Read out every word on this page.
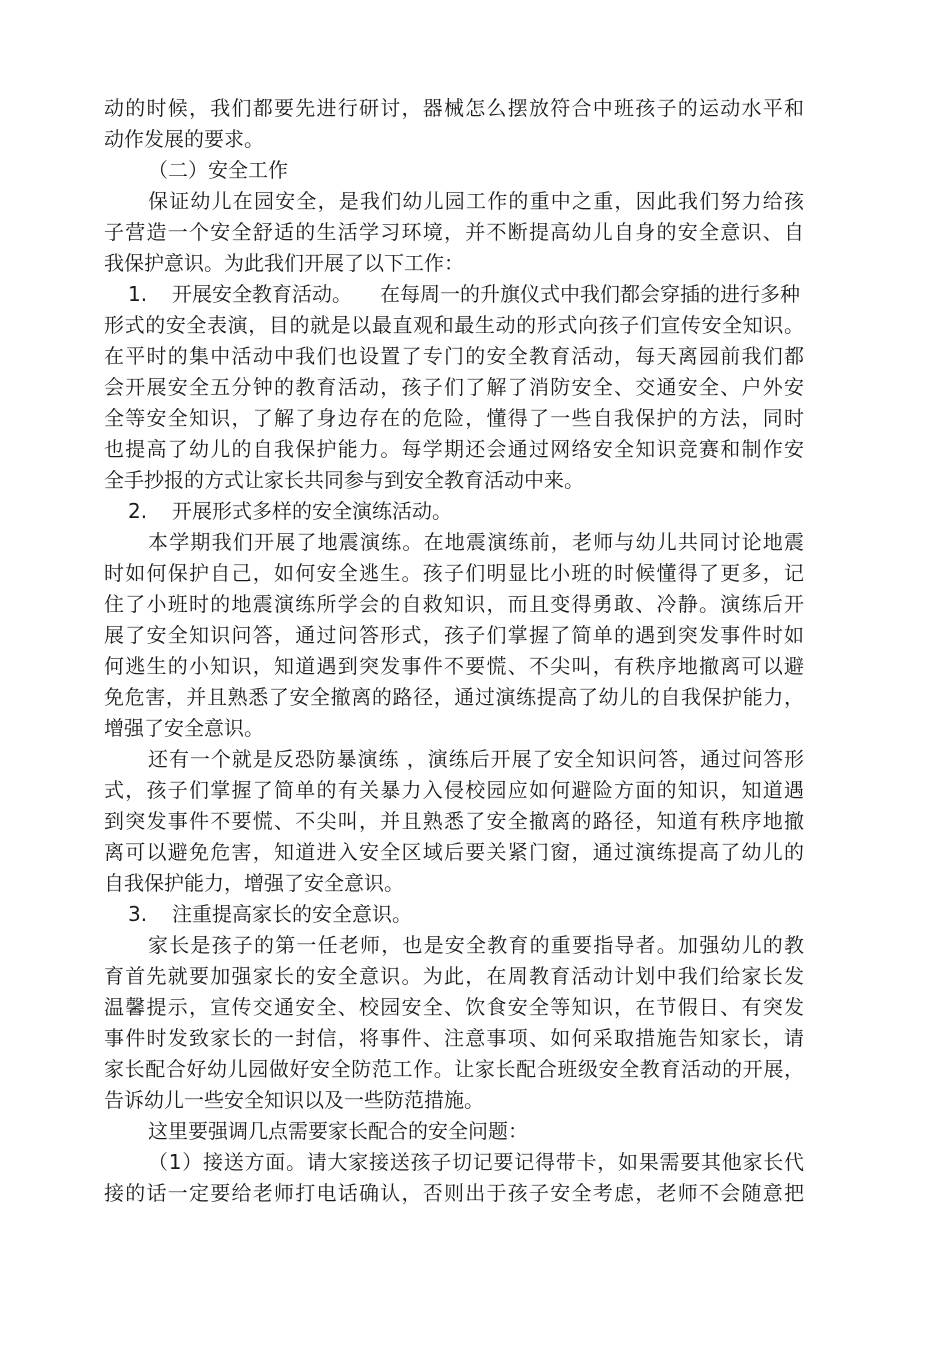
动的时候，我们都要先进行研讨，器械怎么摆放符合中班孩子的运动水平和
动作发展的要求。
（二）安全工作
保证幼儿在园安全，是我们幼儿园工作的重中之重，因此我们努力给孩
子营造一个安全舒适的生活学习环境，并不断提高幼儿自身的安全意识、自
我保护意识。为此我们开展了以下工作：
1. 开展安全教育活动。 在每周一的升旗仪式中我们都会穿插的进行多种
形式的安全表演，目的就是以最直观和最生动的形式向孩子们宣传安全知识。
在平时的集中活动中我们也设置了专门的安全教育活动，每天离园前我们都
会开展安全五分钟的教育活动，孩子们了解了消防安全、交通安全、户外安
全等安全知识，了解了身边存在的危险，懂得了一些自我保护的方法，同时
也提高了幼儿的自我保护能力。每学期还会通过网络安全知识竞赛和制作安
全手抄报的方式让家长共同参与到安全教育活动中来。
2. 开展形式多样的安全演练活动。
本学期我们开展了地震演练。在地震演练前，老师与幼儿共同讨论地震
时如何保护自己，如何安全逃生。孩子们明显比小班的时候懂得了更多，记
住了小班时的地震演练所学会的自救知识，而且变得勇敢、冷静。演练后开
展了安全知识问答，通过问答形式，孩子们掌握了简单的遇到突发事件时如
何逃生的小知识，知道遇到突发事件不要慌、不尖叫，有秩序地撤离可以避
免危害，并且熟悉了安全撤离的路径，通过演练提高了幼儿的自我保护能力，
增强了安全意识。
还有一个就是反恐防暴演练 ，演练后开展了安全知识问答，通过问答形
式，孩子们掌握了简单的有关暴力入侵校园应如何避险方面的知识，知道遇
到突发事件不要慌、不尖叫，并且熟悉了安全撤离的路径，知道有秩序地撤
离可以避免危害，知道进入安全区域后要关紧门窗，通过演练提高了幼儿的
自我保护能力，增强了安全意识。
3. 注重提高家长的安全意识。
家长是孩子的第一任老师，也是安全教育的重要指导者。加强幼儿的教
育首先就要加强家长的安全意识。为此，在周教育活动计划中我们给家长发
温馨提示，宣传交通安全、校园安全、饮食安全等知识，在节假日、有突发
事件时发致家长的一封信，将事件、注意事项、如何采取措施告知家长，请
家长配合好幼儿园做好安全防范工作。让家长配合班级安全教育活动的开展，
告诉幼儿一些安全知识以及一些防范措施。
这里要强调几点需要家长配合的安全问题：
（1）接送方面。请大家接送孩子切记要记得带卡，如果需要其他家长代
接的话一定要给老师打电话确认，否则出于孩子安全考虑，老师不会随意把
